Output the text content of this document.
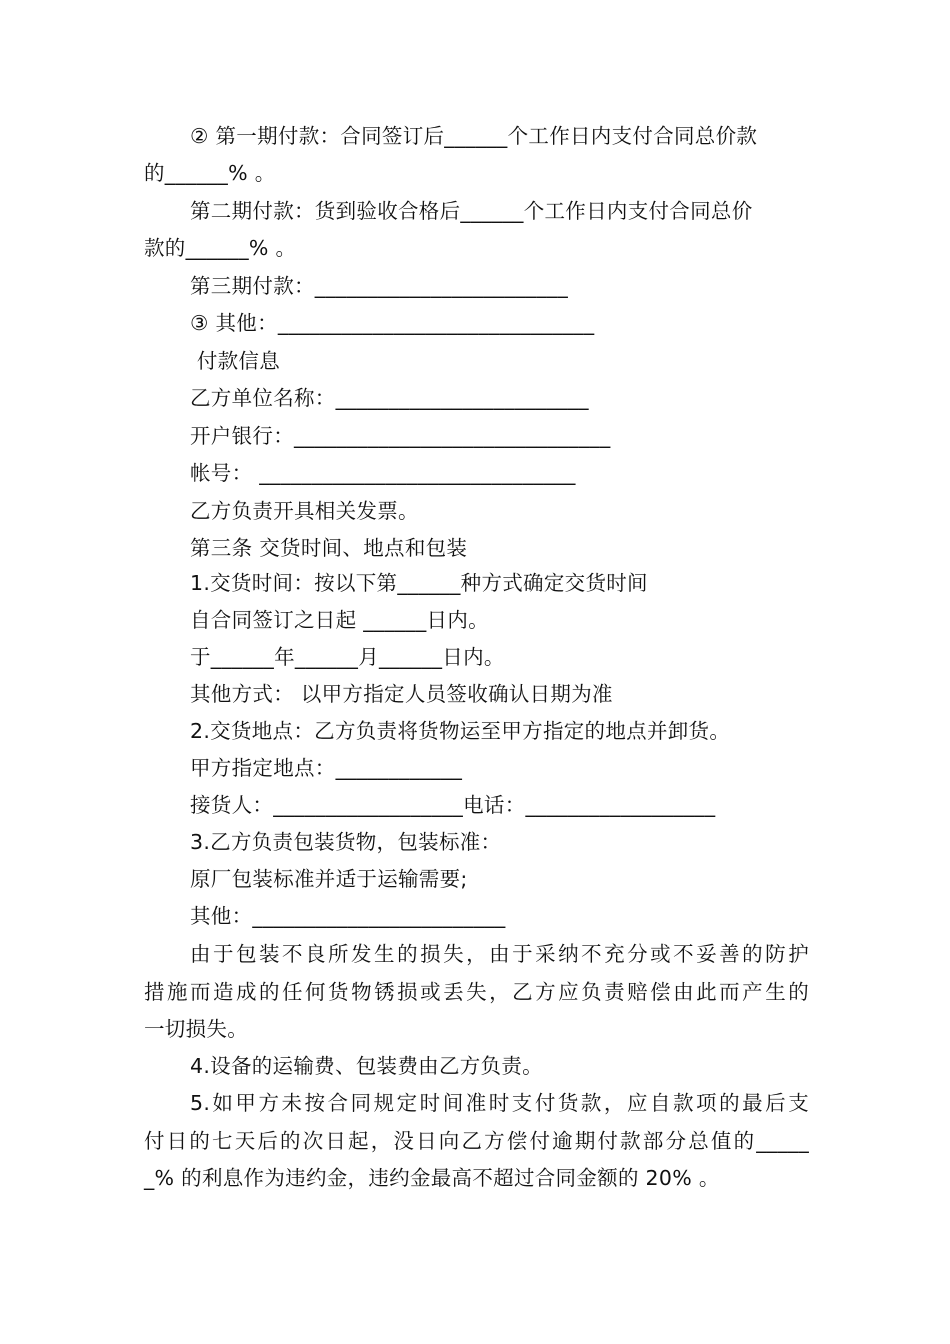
② 第一期付款：合同签订后______个工作日内支付合同总价款
的______% 。
第二期付款：货到验收合格后______个工作日内支付合同总价
款的______% 。
第三期付款：________________________
③ 其他：______________________________
付款信息
乙方单位名称：________________________
开户银行：______________________________
帐号： ______________________________
乙方负责开具相关发票。
第三条 交货时间、地点和包装
1.交货时间：按以下第______种方式确定交货时间
自合同签订之日起 ______日内。
于______年______月______日内。
其他方式： 以甲方指定人员签收确认日期为准
2.交货地点：乙方负责将货物运至甲方指定的地点并卸货。
甲方指定地点：____________
接货人：__________________电话：__________________
3.乙方负责包装货物，包装标准：
原厂包装标准并适于运输需要;
其他：________________________
由于包装不良所发生的损失，由于采纳不充分或不妥善的防护
措施而造成的任何货物锈损或丢失，乙方应负责赔偿由此而产生的
一切损失。
4.设备的运输费、包装费由乙方负责。
5.如甲方未按合同规定时间准时支付货款，应自款项的最后支
付日的七天后的次日起，没日向乙方偿付逾期付款部分总值的_____
_% 的利息作为违约金，违约金最高不超过合同金额的 20% 。
